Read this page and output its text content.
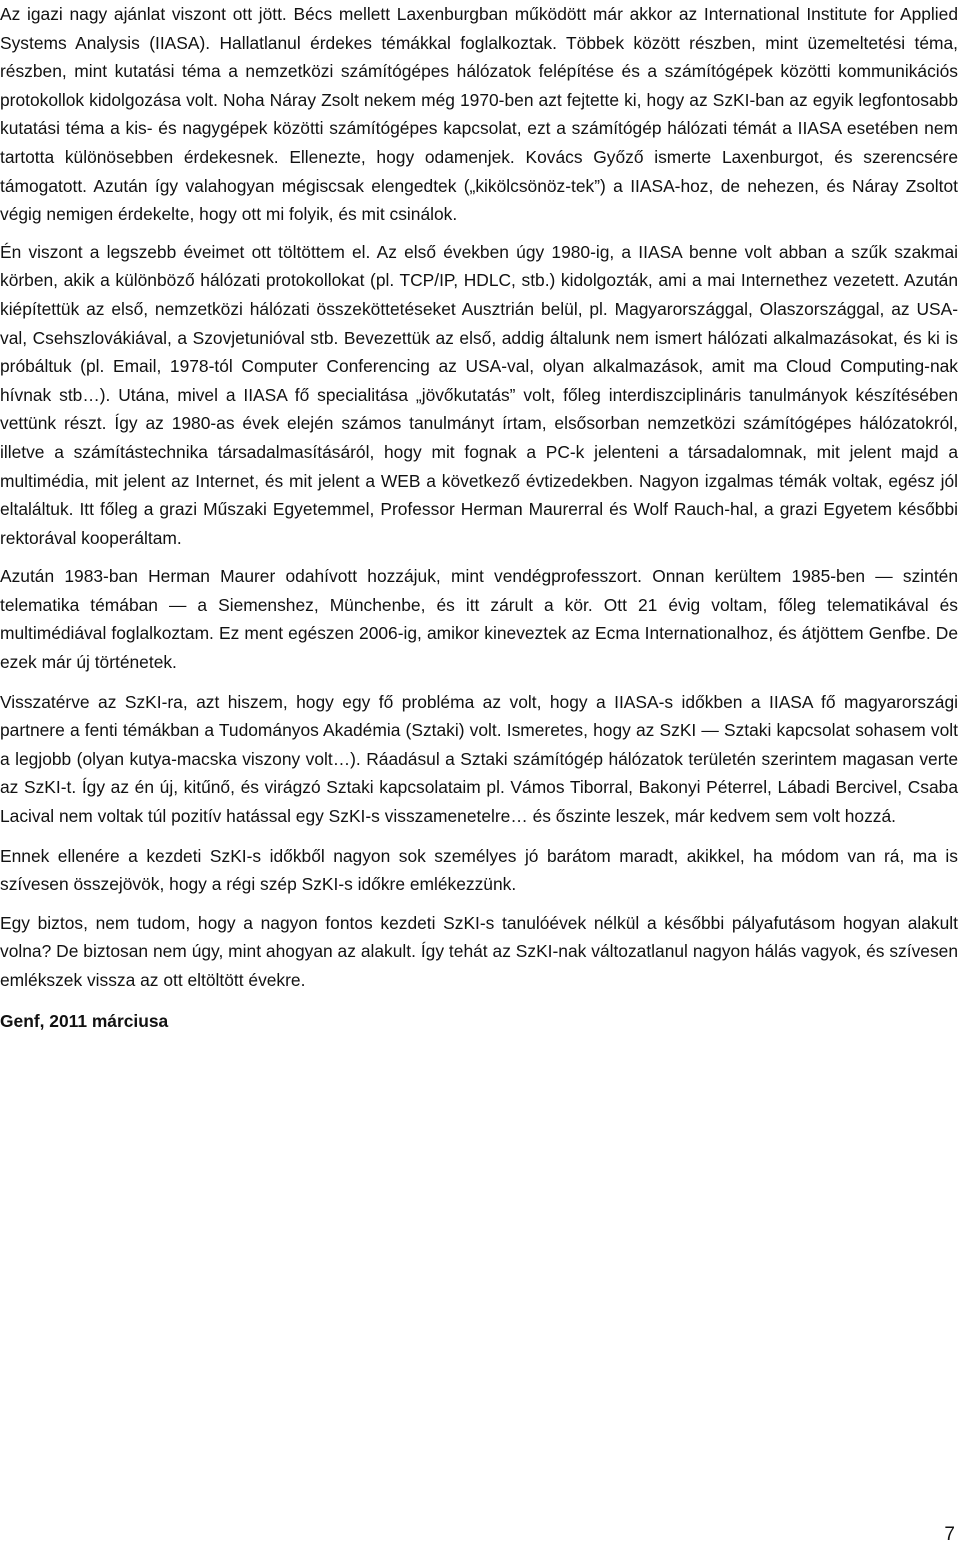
Az igazi nagy ajánlat viszont ott jött. Bécs mellett Laxenburgban működött már akkor az International Institute for Applied Systems Analysis (IIASA). Hallatlanul érdekes témákkal foglalkoztak. Többek között részben, mint üzemeltetési téma, részben, mint kutatási téma a nemzetközi számítógépes hálózatok felépítése és a számítógépek közötti kommunikációs protokollok kidolgozása volt. Noha Náray Zsolt nekem még 1970-ben azt fejtette ki, hogy az SzKI-ban az egyik legfontosabb kutatási téma a kis- és nagygépek közötti számítógépes kapcsolat, ezt a számítógép hálózati témát a IIASA esetében nem tartotta különösebben érdekesnek. Ellenezte, hogy odamenjek. Kovács Győző ismerte Laxenburgot, és szerencsére támogatott. Azután így valahogyan mégiscsak elengedtek („kikölcsönöz-tek”) a IIASA-hoz, de nehezen, és Náray Zsoltot végig nemigen érdekelte, hogy ott mi folyik, és mit csinálok.

Én viszont a legszebb éveimet ott töltöttem el. Az első években úgy 1980-ig, a IIASA benne volt abban a szűk szakmai körben, akik a különböző hálózati protokollokat (pl. TCP/IP, HDLC, stb.) kidolgozták, ami a mai Internethez vezetett. Azután kiépítettük az első, nemzetközi hálózati összeköttetéseket Ausztrián belül, pl. Magyarországgal, Olaszországgal, az USA-val, Csehszlovákiával, a Szovjetunióval stb. Bevezettük az első, addig általunk nem ismert hálózati alkalmazásokat, és ki is próbáltuk (pl. Email, 1978-tól Computer Conferencing az USA-val, olyan alkalmazások, amit ma Cloud Computing-nak hívnak stb…). Utána, mivel a IIASA fő specialitása „jövőkutatás” volt, főleg interdiszciplináris tanulmányok készítésében vettünk részt. Így az 1980-as évek elején számos tanulmányt írtam, elsősorban nemzetközi számítógépes hálózatokról, illetve a számítástechnika társadalmasításáról, hogy mit fognak a PC-k jelenteni a társadalomnak, mit jelent majd a multimédia, mit jelent az Internet, és mit jelent a WEB a következő évtizedekben. Nagyon izgalmas témák voltak, egész jól eltaláltuk. Itt főleg a grazi Műszaki Egyetemmel, Professor Herman Maurerral és Wolf Rauch-hal, a grazi Egyetem későbbi rektorával kooperáltam.

Azután 1983-ban Herman Maurer odahívott hozzájuk, mint vendégprofesszort. Onnan kerültem 1985-ben — szintén telematika témában — a Siemenshez, Münchenbe, és itt zárult a kör. Ott 21 évig voltam, főleg telematikával és multimédiával foglalkoztam. Ez ment egészen 2006-ig, amikor kineveztek az Ecma Internationalhoz, és átjöttem Genfbe. De ezek már új történetek.

Visszatérve az SzKI-ra, azt hiszem, hogy egy fő probléma az volt, hogy a IIASA-s időkben a IIASA fő magyarországi partnere a fenti témákban a Tudományos Akadémia (Sztaki) volt. Ismeretes, hogy az SzKI — Sztaki kapcsolat sohasem volt a legjobb (olyan kutya-macska viszony volt…). Ráadásul a Sztaki számítógép hálózatok területén szerintem magasan verte az SzKI-t. Így az én új, kitűnő, és virágzó Sztaki kapcsolataim pl. Vámos Tiborral, Bakonyi Péterrel, Lábadi Bercivel, Csaba Lacival nem voltak túl pozitív hatással egy SzKI-s visszamenetelre… és őszinte leszek, már kedvem sem volt hozzá.

Ennek ellenére a kezdeti SzKI-s időkből nagyon sok személyes jó barátom maradt, akikkel, ha módom van rá, ma is szívesen összejövök, hogy a régi szép SzKI-s időkre emlékezzünk.

Egy biztos, nem tudom, hogy a nagyon fontos kezdeti SzKI-s tanulóévek nélkül a későbbi pályafutásom hogyan alakult volna? De biztosan nem úgy, mint ahogyan az alakult. Így tehát az SzKI-nak változatlanul nagyon hálás vagyok, és szívesen emlékszek vissza az ott eltöltött évekre.

Genf, 2011 márciusa

7
